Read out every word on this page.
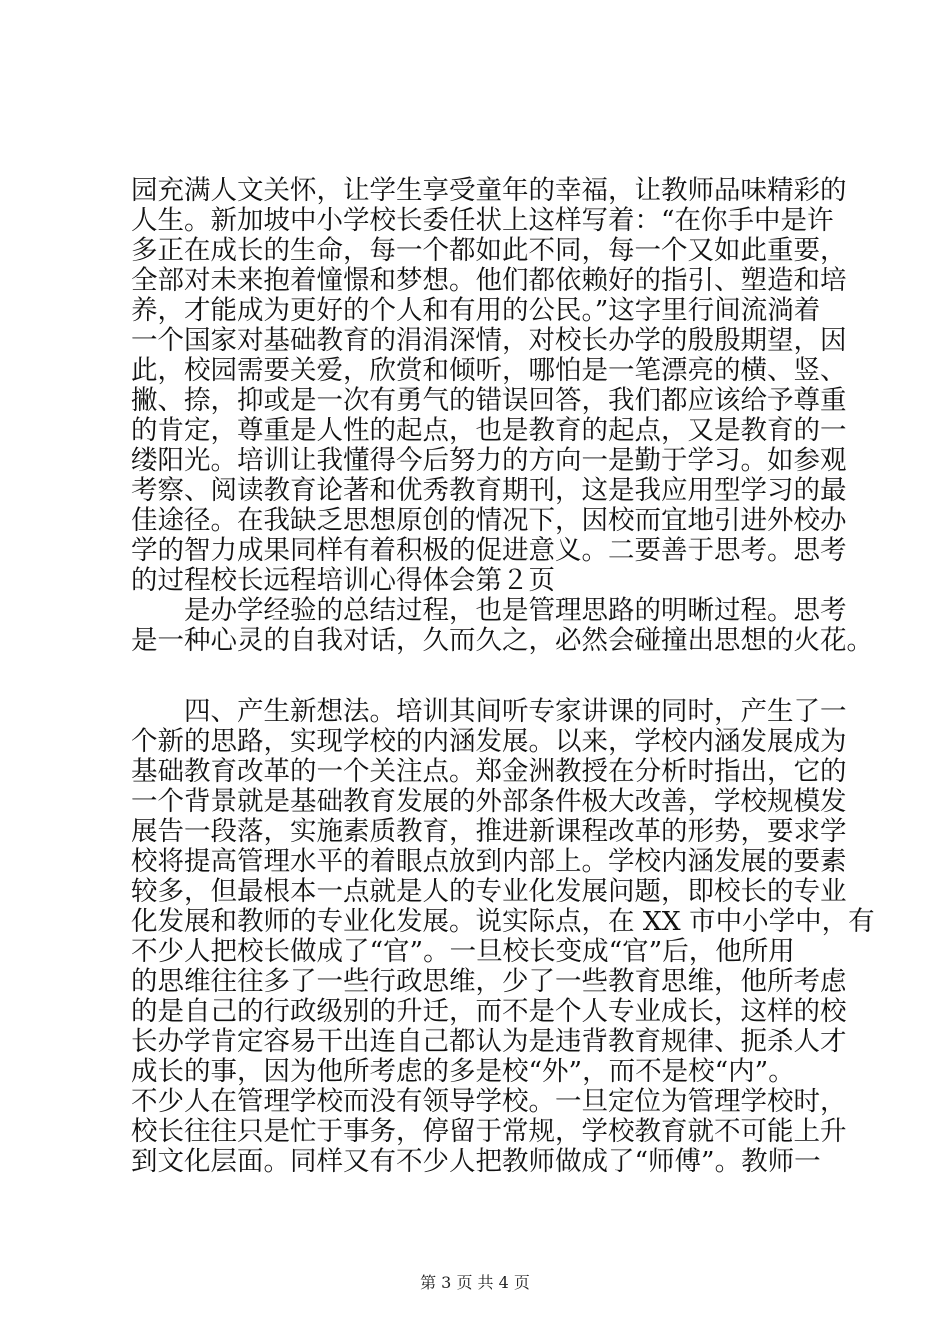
园充满人文关怀，让学生享受童年的幸福，让教师品味精彩的
人生。新加坡中小学校长委任状上这样写着：“在你手中是许
多正在成长的生命，每一个都如此不同，每一个又如此重要，
全部对未来抱着憧憬和梦想。他们都依赖好的指引、塑造和培
养，才能成为更好的个人和有用的公民。”这字里行间流淌着
一个国家对基础教育的涓涓深情，对校长办学的殷殷期望，因
此，校园需要关爱，欣赏和倾听，哪怕是一笔漂亮的横、竖、
撇、捺，抑或是一次有勇气的错误回答，我们都应该给予尊重
的肯定，尊重是人性的起点，也是教育的起点，又是教育的一
缕阳光。培训让我懂得今后努力的方向一是勤于学习。如参观
考察、阅读教育论著和优秀教育期刊，这是我应用型学习的最
佳途径。在我缺乏思想原创的情况下，因校而宜地引进外校办
学的智力成果同样有着积极的促进意义。二要善于思考。思考
的过程校长远程培训心得体会第２页
　　是办学经验的总结过程，也是管理思路的明晰过程。思考
是一种心灵的自我对话，久而久之，必然会碰撞出思想的火花。
　　四、产生新想法。培训其间听专家讲课的同时，产生了一
个新的思路，实现学校的内涵发展。以来，学校内涵发展成为
基础教育改革的一个关注点。郑金洲教授在分析时指出，它的
一个背景就是基础教育发展的外部条件极大改善，学校规模发
展告一段落，实施素质教育，推进新课程改革的形势，要求学
校将提高管理水平的着眼点放到内部上。学校内涵发展的要素
较多，但最根本一点就是人的专业化发展问题，即校长的专业
化发展和教师的专业化发展。说实际点，在 XX 市中小学中，有
不少人把校长做成了“官”。一旦校长变成“官”后，他所用
的思维往往多了一些行政思维，少了一些教育思维，他所考虑
的是自己的行政级别的升迁，而不是个人专业成长，这样的校
长办学肯定容易干出连自己都认为是违背教育规律、扼杀人才
成长的事，因为他所考虑的多是校“外”，而不是校“内”。
不少人在管理学校而没有领导学校。一旦定位为管理学校时，
校长往往只是忙于事务，停留于常规，学校教育就不可能上升
到文化层面。同样又有不少人把教师做成了“师傅”。教师一
第 3 页 共 4 页
